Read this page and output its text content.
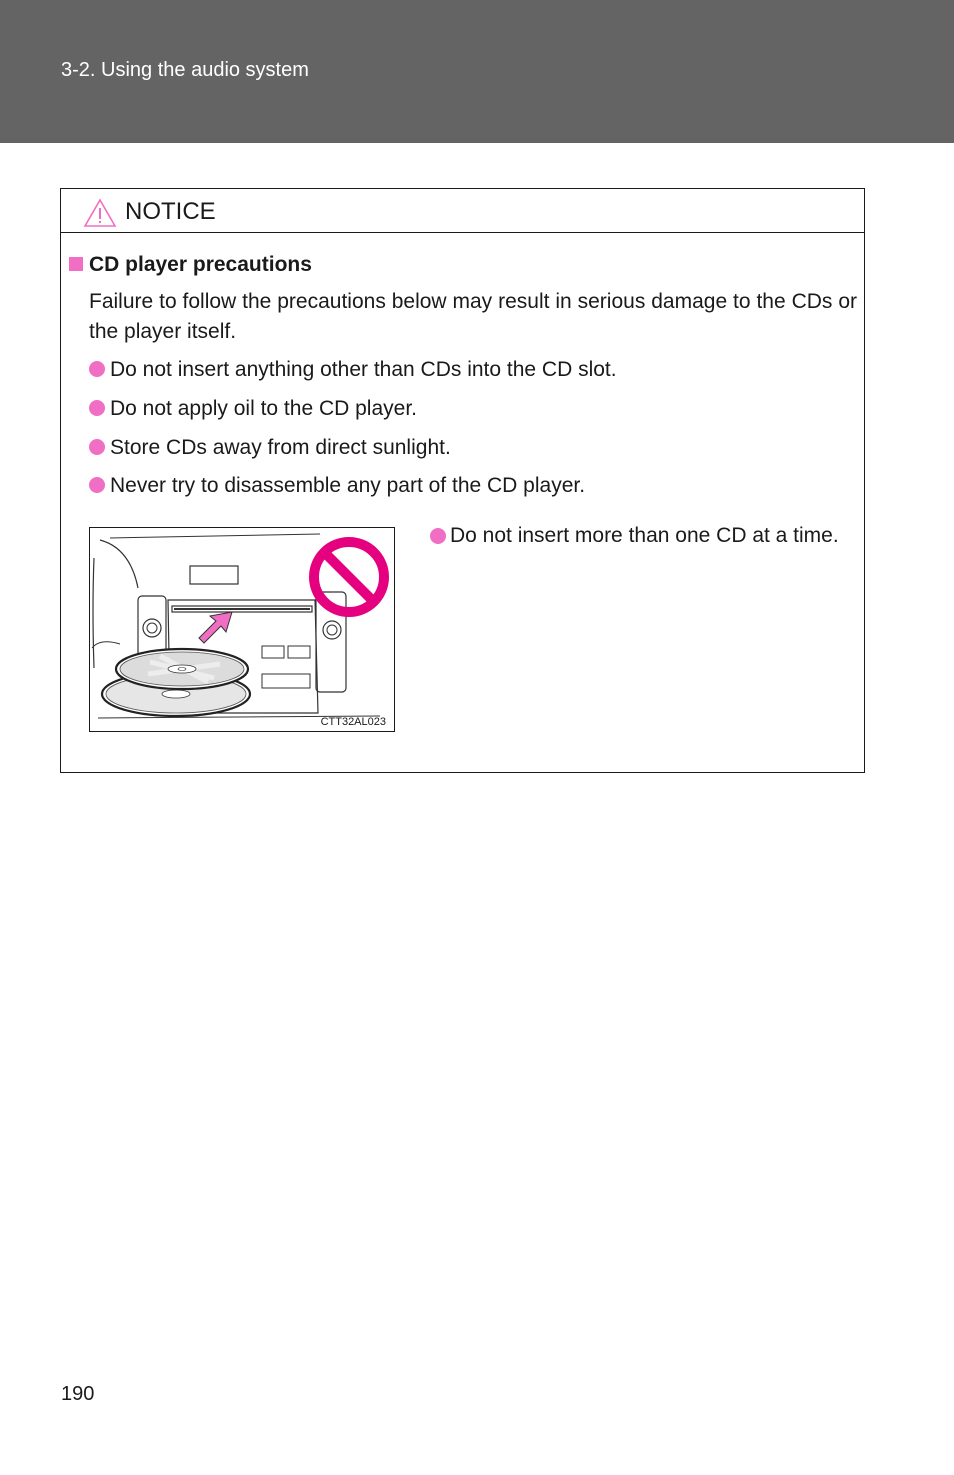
3-2. Using the audio system
NOTICE
CD player precautions
Failure to follow the precautions below may result in serious damage to the CDs or the player itself.
Do not insert anything other than CDs into the CD slot.
Do not apply oil to the CD player.
Store CDs away from direct sunlight.
Never try to disassemble any part of the CD player.
CTT32AL023
Do not insert more than one CD at a time.
190
